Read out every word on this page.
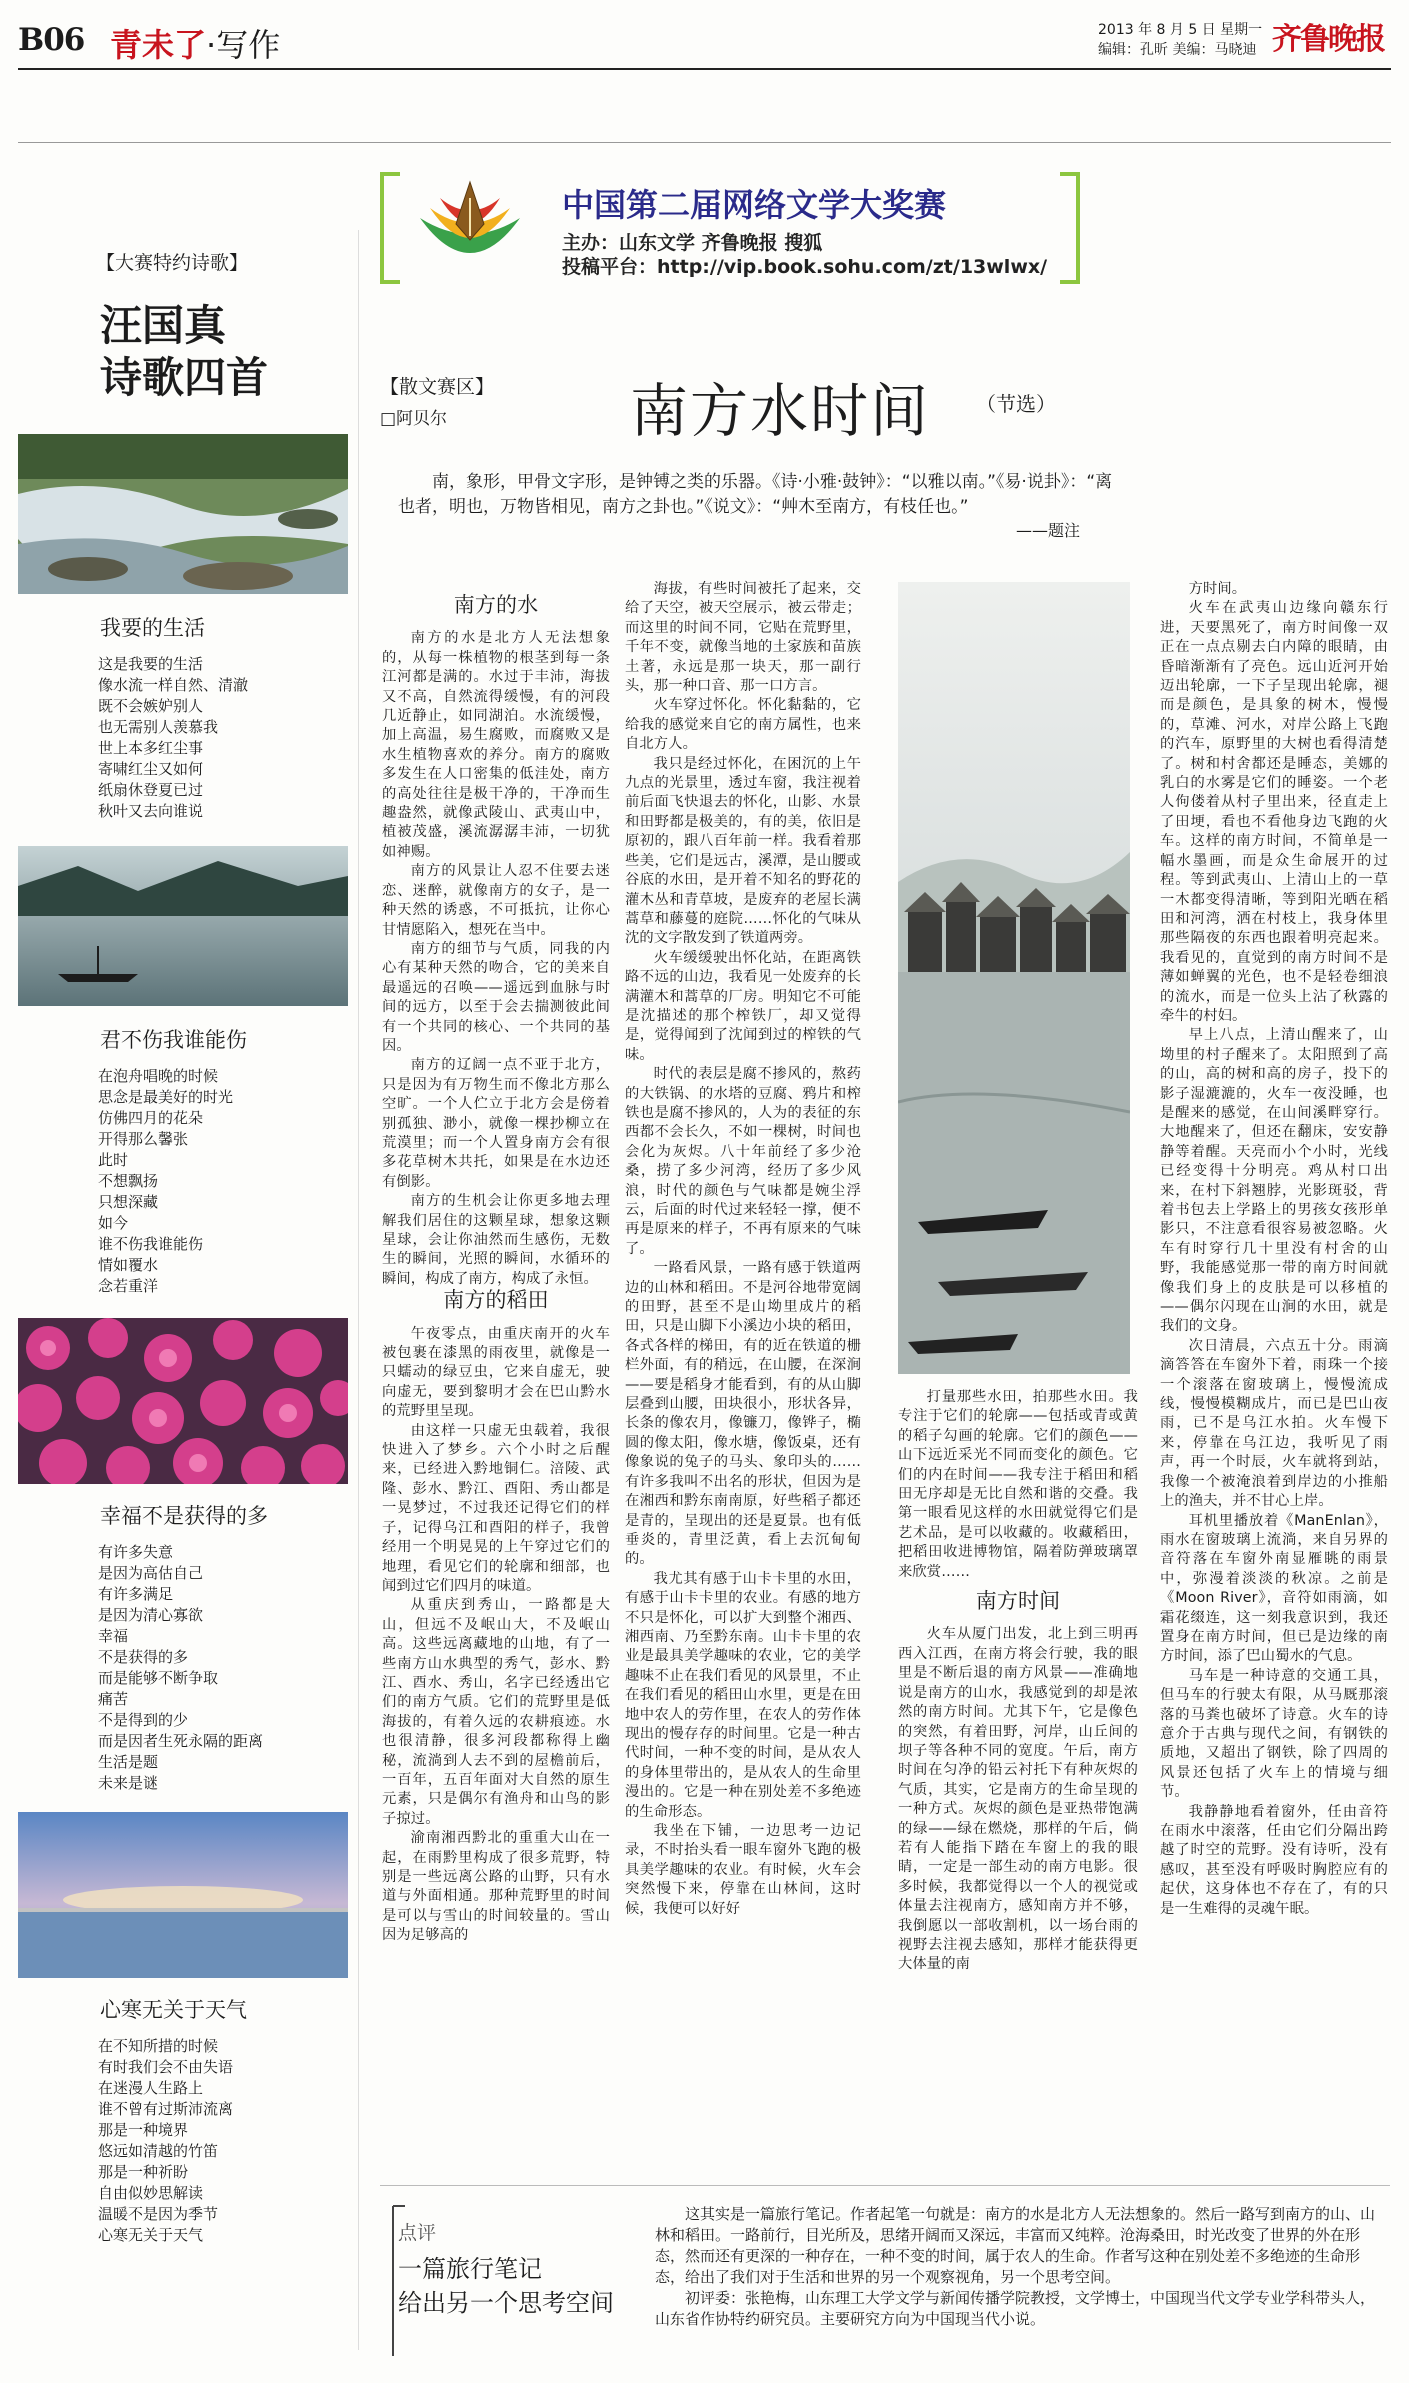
B06 青未了·写作	2013 年 8 月 5 日 星期一
编辑：孔昕 美编：马晓迪 齐鲁晚报
中国第二届网络文学大奖赛
主办：山东文学 齐鲁晚报 搜狐
投稿平台：http://vip.book.sohu.com/zt/13wlwx/
【大赛特约诗歌】
汪国真
诗歌四首
我要的生活
这是我要的生活
像水流一样自然、清澈
既不会嫉妒别人
也无需别人羡慕我
世上本多红尘事
寄啸红尘又如何
纸扇休登夏已过
秋叶又去向谁说
君不伤我谁能伤
在泡舟唱晚的时候
思念是最美好的时光
仿佛四月的花朵
开得那么馨张
此时
不想飘扬
只想深藏
如今
谁不伤我谁能伤
情如覆水
念若重洋
幸福不是获得的多
有许多失意
是因为高估自己
有许多满足
是因为清心寡欲
幸福
不是获得的多
而是能够不断争取
痛苦
不是得到的少
而是因者生死永隔的距离
生活是题
未来是谜
心寒无关于天气
在不知所措的时候
有时我们会不由失语
在迷漫人生路上
谁不曾有过斯沛流离
那是一种境界
悠远如清越的竹笛
那是一种祈盼
自由似妙思解读
温暖不是因为季节
心寒无关于天气
【散文赛区】
□阿贝尔	南方水时间 （节选）
南，象形，甲骨文字形，是钟镈之类的乐器。《诗·小雅·鼓钟》：“以雅以南。”《易·说卦》：“离也者，明也，万物皆相见，南方之卦也。”《说文》：“艸木至南方，有枝任也。”
——题注
南方的水

南方的水是北方人无法想象的，从每一株植物的根茎到每一条江河都是满的。水过于丰沛，海拔又不高，自然流得缓慢，有的河段几近静止，如同湖泊。水流缓慢，加上高温，易生腐败，而腐败又是水生植物喜欢的养分。南方的腐败多发生在人口密集的低洼处，南方的高处往往是极干净的，干净而生趣盎然，就像武陵山、武夷山中，植被茂盛，溪流潺潺丰沛，一切犹如神赐。

南方的风景让人忍不住要去迷恋、迷醉，就像南方的女子，是一种天然的诱惑，不可抵抗，让你心甘情愿陷入，想死在当中。

南方的细节与气质，同我的内心有某种天然的吻合，它的美来自最遥远的召唤——遥远到血脉与时间的远方，以至于会去揣测彼此间有一个共同的核心、一个共同的基因。

南方的辽阔一点不亚于北方，只是因为有万物生而不像北方那么空旷。一个人伫立于北方会是傍着别孤独、渺小，就像一棵抄柳立在荒漠里；而一个人置身南方会有很多花草树木共托，如果是在水边还有倒影。

南方的生机会让你更多地去理解我们居住的这颗星球，想象这颗星球，会让你油然而生感伤，无数生的瞬间，光照的瞬间，水循环的瞬间，构成了南方，构成了永恒。

南方的稻田

午夜零点，由重庆南开的火车被包裹在漆黑的雨夜里，就像是一只蠕动的绿豆虫，它来自虚无，驶向虚无，要到黎明才会在巴山黔水的荒野里呈现。

由这样一只虚无虫载着，我很快进入了梦乡。六个小时之后醒来，已经进入黔地铜仁。涪陵、武隆、彭水、黔江、酉阳、秀山都是一晃梦过，不过我还记得它们的样子，记得乌江和酉阳的样子，我曾经用一个明晃晃的上午穿过它们的地理，看见它们的轮廓和细部，也闻到过它们四月的味道。

从重庆到秀山，一路都是大山，但远不及岷山大，不及岷山高。这些远离藏地的山地，有了一些南方山水典型的秀气，彭水、黔江、酉水、秀山，名字已经透出它们的南方气质。它们的荒野里是低海拔的，有着久远的农耕痕迹。水也很清静，很多河段都称得上幽秘，流淌到人去不到的屋檐前后，一百年，五百年面对大自然的原生元素，只是偶尔有渔舟和山鸟的影子掠过。

渝南湘西黔北的重重大山在一起，在雨黔里构成了很多荒野，特别是一些远离公路的山野，只有水道与外面相通。那种荒野里的时间是可以与雪山的时间较量的。雪山因为足够高的

海拔，有些时间被托了起来，交给了天空，被天空展示，被云带走；而这里的时间不同，它贴在荒野里，千年不变，就像当地的土家族和苗族土著，永远是那一块天，那一副行头，那一种口音、那一口方言。

火车穿过怀化。怀化黏黏的，它给我的感觉来自它的南方属性，也来自北方人。

我只是经过怀化，在困沉的上午九点的光景里，透过车窗，我注视着前后面飞快退去的怀化，山影、水景和田野都是极美的，有的美，依旧是原初的，跟八百年前一样。我看着那些美，它们是远古，溪潭，是山腰或谷底的水田，是开着不知名的野花的灌木丛和青草坡，是废弃的老屋长满蒿草和藤蔓的庭院……怀化的气味从沈的文字散发到了铁道两旁。

火车缓缓驶出怀化站，在距离铁路不远的山边，我看见一处废弃的长满灌木和蒿草的厂房。明知它不可能是沈描述的那个榨铁厂，却又觉得是，觉得闻到了沈闻到过的榨铁的气味。

时代的表层是腐不掺风的，熬药的大铁锅、的水塔的豆腐、鸦片和榨铁也是腐不掺风的，人为的表征的东西都不会长久，不如一棵树，时间也会化为灰烬。八十年前经了多少沧桑，捞了多少河湾，经历了多少风浪，时代的颜色与气味都是婉尘浮云，后面的时代过来轻轻一撑，便不再是原来的样子，不再有原来的气味了。

一路看风景，一路有感于铁道两边的山林和稻田。不是河谷地带宽阔的田野，甚至不是山坳里成片的稻田，只是山脚下小溪边小块的稻田，各式各样的梯田，有的近在铁道的栅栏外面，有的稍远，在山腰，在深涧——要是稻身才能看到，有的从山脚层叠到山腰，田块很小，形状各异，长条的像农月，像镰刀，像铧子，椭圆的像太阳，像水塘，像饭桌，还有像象说的兔子的马头、象印头的……有许多我叫不出名的形状，但因为是在湘西和黔东南南原，好些稻子都还是青的，呈现出的还是夏景。也有低垂炎的，青里泛黄，看上去沉甸甸的。

我尤其有感于山卡卡里的水田，有感于山卡卡里的农业。有感的地方不只是怀化，可以扩大到整个湘西、湘西南、乃至黔东南。山卡卡里的农业是最具美学趣味的农业，它的美学趣味不止在我们看见的风景里，不止在我们看见的稻田山水里，更是在田地中农人的劳作里，在农人的劳作体现出的慢存存的时间里。它是一种古代时间，一种不变的时间，是从农人的身体里带出的，是从农人的生命里漫出的。它是一种在别处差不多绝迹的生命形态。

我坐在下铺，一边思考一边记录，不时抬头看一眼车窗外飞跑的极具美学趣味的农业。有时候，火车会突然慢下来，停靠在山林间，这时候，我便可以好好

打量那些水田，拍那些水田。我专注于它们的轮廓——包括或青或黄的稻子勾画的轮廓。它们的颜色——山下远近采光不同而变化的颜色。它们的内在时间——我专注于稻田和稻田无序却是无比自然和谐的交叠。我第一眼看见这样的水田就觉得它们是艺术品，是可以收藏的。收藏稻田，把稻田收进博物馆，隔着防弹玻璃罩来欣赏……

南方时间

火车从厦门出发，北上到三明再西入江西，在南方将会行驶，我的眼里是不断后退的南方风景——准确地说是南方的山水，我感觉到的却是浓然的南方时间。尤其下午，它是像色的突然，有着田野，河岸，山丘间的坝子等各种不同的宽度。午后，南方时间在匀净的铅云衬托下有种灰烬的气质，其实，它是南方的生命呈现的一种方式。灰烬的颜色是亚热带饱满的绿——绿在燃烧，那样的午后，倘若有人能指下踏在车窗上的我的眼睛，一定是一部生动的南方电影。很多时候，我都觉得以一个人的视觉或体量去注视南方，感知南方并不够，我倒愿以一部收割机，以一场台雨的视野去注视去感知，那样才能获得更大体量的南

方时间。

火车在武夷山边缘向赣东行进，天要黑死了，南方时间像一双正在一点点剔去白内障的眼睛，由昏暗渐渐有了亮色。远山近河开始迈出轮廓，一下子呈现出轮廓，褪而是颜色，是具象的树木，慢慢的，草滩、河水，对岸公路上飞跑的汽车，原野里的大树也看得清楚了。树和村舍都还是睡态，美娜的乳白的水雾是它们的睡姿。一个老人佝偻着从村子里出来，径直走上了田埂，看也不看他身边飞跑的火车。这样的南方时间，不简单是一幅水墨画，而是众生命展开的过程。等到武夷山、上清山上的一草一木都变得清晰，等到阳光晒在稻田和河湾，洒在村枝上，我身体里那些隔夜的东西也跟着明亮起来。我看见的，直觉到的南方时间不是薄如蝉翼的光色，也不是轻卷细浪的流水，而是一位头上沾了秋露的牵牛的村妇。

早上八点，上清山醒来了，山坳里的村子醒来了。太阳照到了高的山，高的树和高的房子，投下的影子湿漉漉的，火车一夜没睡，也是醒来的感觉，在山间溪畔穿行。大地醒来了，但还在翻床，安安静静等着醒。天亮而小个小时，光线已经变得十分明亮。鸡从村口出来，在村下斜翘脖，光影斑驳，背着书包去上学路上的男孩女孩形单影只，不注意看很容易被忽略。火车有时穿行几十里没有村舍的山野，我能感觉那一带的南方时间就像我们身上的皮肤是可以移植的——偶尔闪现在山涧的水田，就是我们的文身。

次日清晨，六点五十分。雨滴滴答答在车窗外下着，雨珠一个接一个滚落在窗玻璃上，慢慢流成线，慢慢模糊成片，而已是巴山夜雨，已不是乌江水拍。火车慢下来，停靠在乌江边，我听见了雨声，再一个时辰，火车就将到站，我像一个被淹浪着到岸边的小推船上的渔夫，并不甘心上岸。

耳机里播放着《ManEnlan》，雨水在窗玻璃上流淌，来自另界的音符落在车窗外南显雁眺的雨景中，弥漫着淡淡的秋凉。之前是《Moon River》，音符如雨滴，如霜花缀连，这一刻我意识到，我还置身在南方时间，但已是边缘的南方时间，添了巴山蜀水的气息。

马车是一种诗意的交通工具，但马车的行驶太有限，从马厩那滚落的马粪也破坏了诗意。火车的诗意介于古典与现代之间，有钢铁的质地，又超出了钢铁，除了四周的风景还包括了火车上的情境与细节。

我静静地看着窗外，任由音符在雨水中滚落，任由它们分隔出跨越了时空的荒野。没有诗听，没有感叹，甚至没有呼吸时胸腔应有的起伏，这身体也不存在了，有的只是一生难得的灵魂午眠。

点评
一篇旅行笔记
给出另一个思考空间

这其实是一篇旅行笔记。作者起笔一句就是：南方的水是北方人无法想象的。然后一路写到南方的山、山林和稻田。一路前行，目光所及，思绪开阔而又深远，丰富而又纯粹。沧海桑田，时光改变了世界的外在形态，然而还有更深的一种存在，一种不变的时间，属于农人的生命。作者写这种在别处差不多绝迹的生命形态，给出了我们对于生活和世界的另一个观察视角，另一个思考空间。

初评委：张艳梅，山东理工大学文学与新闻传播学院教授，文学博士，中国现当代文学专业学科带头人，山东省作协特约研究员。主要研究方向为中国现当代小说。
